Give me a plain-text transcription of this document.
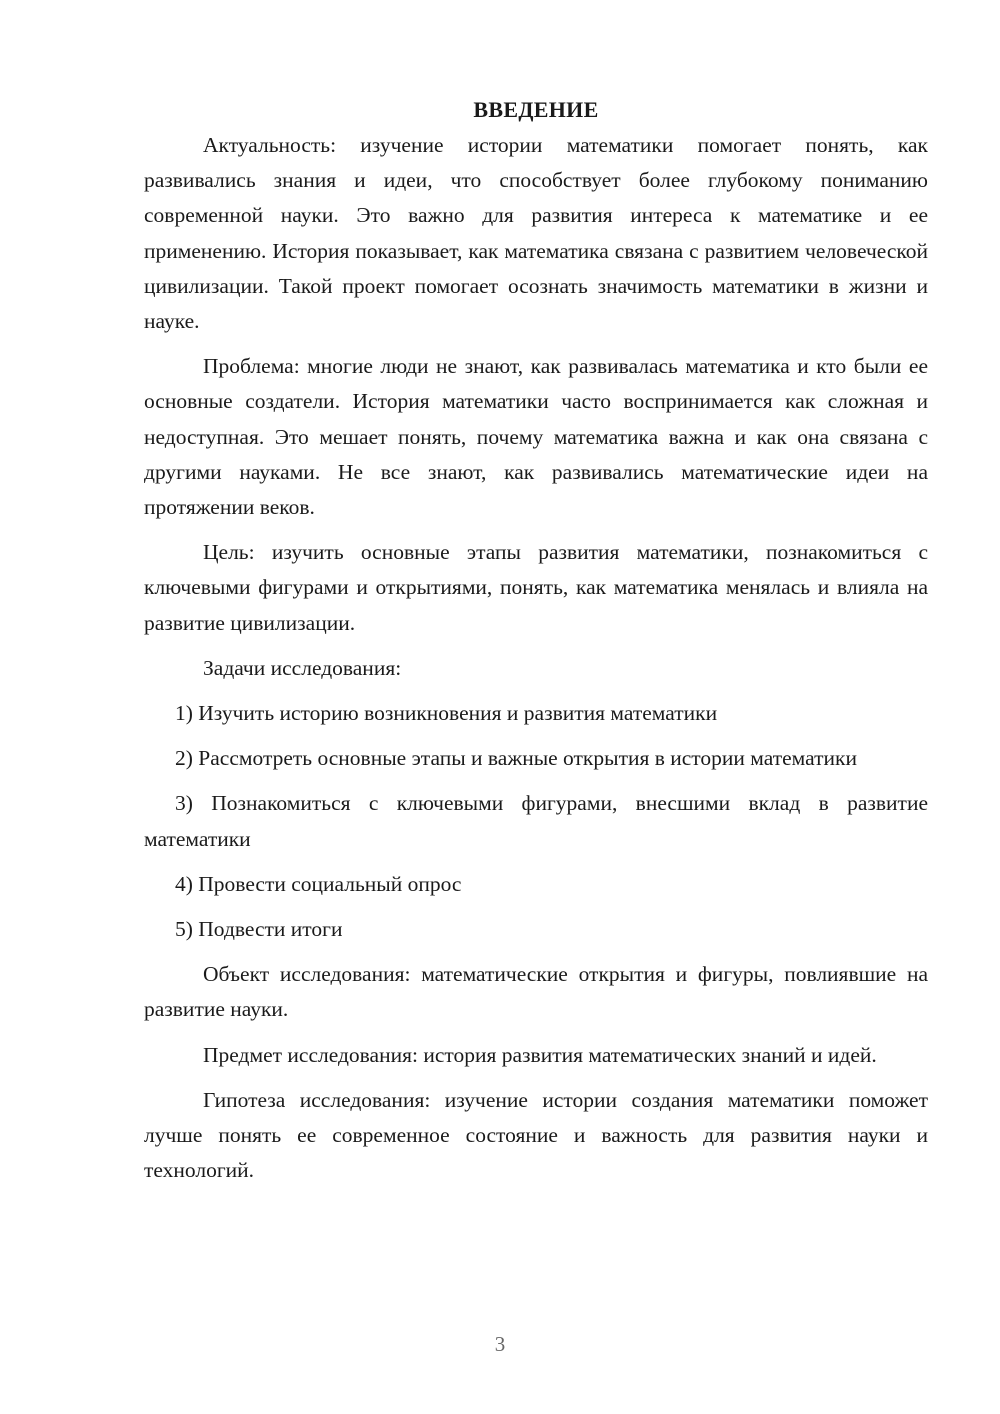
ВВЕДЕНИЕ

Актуальность: изучение истории математики помогает понять, как развивались знания и идеи, что способствует более глубокому пониманию современной науки. Это важно для развития интереса к математике и ее применению. История показывает, как математика связана с развитием человеческой цивилизации. Такой проект помогает осознать значимость математики в жизни и науке.

Проблема: многие люди не знают, как развивалась математика и кто были ее основные создатели. История математики часто воспринимается как сложная и недоступная. Это мешает понять, почему математика важна и как она связана с другими науками. Не все знают, как развивались математические идеи на протяжении веков.

Цель: изучить основные этапы развития математики, познакомиться с ключевыми фигурами и открытиями, понять, как математика менялась и влияла на развитие цивилизации.

Задачи исследования:

1) Изучить историю возникновения и развития математики

2) Рассмотреть основные этапы и важные открытия в истории математики

3) Познакомиться с ключевыми фигурами, внесшими вклад в развитие математики

4) Провести социальный опрос

5) Подвести итоги

Объект исследования: математические открытия и фигуры, повлиявшие на развитие науки.

Предмет исследования: история развития математических знаний и идей.

Гипотеза исследования: изучение истории создания математики поможет лучше понять ее современное состояние и важность для развития науки и технологий.

3
